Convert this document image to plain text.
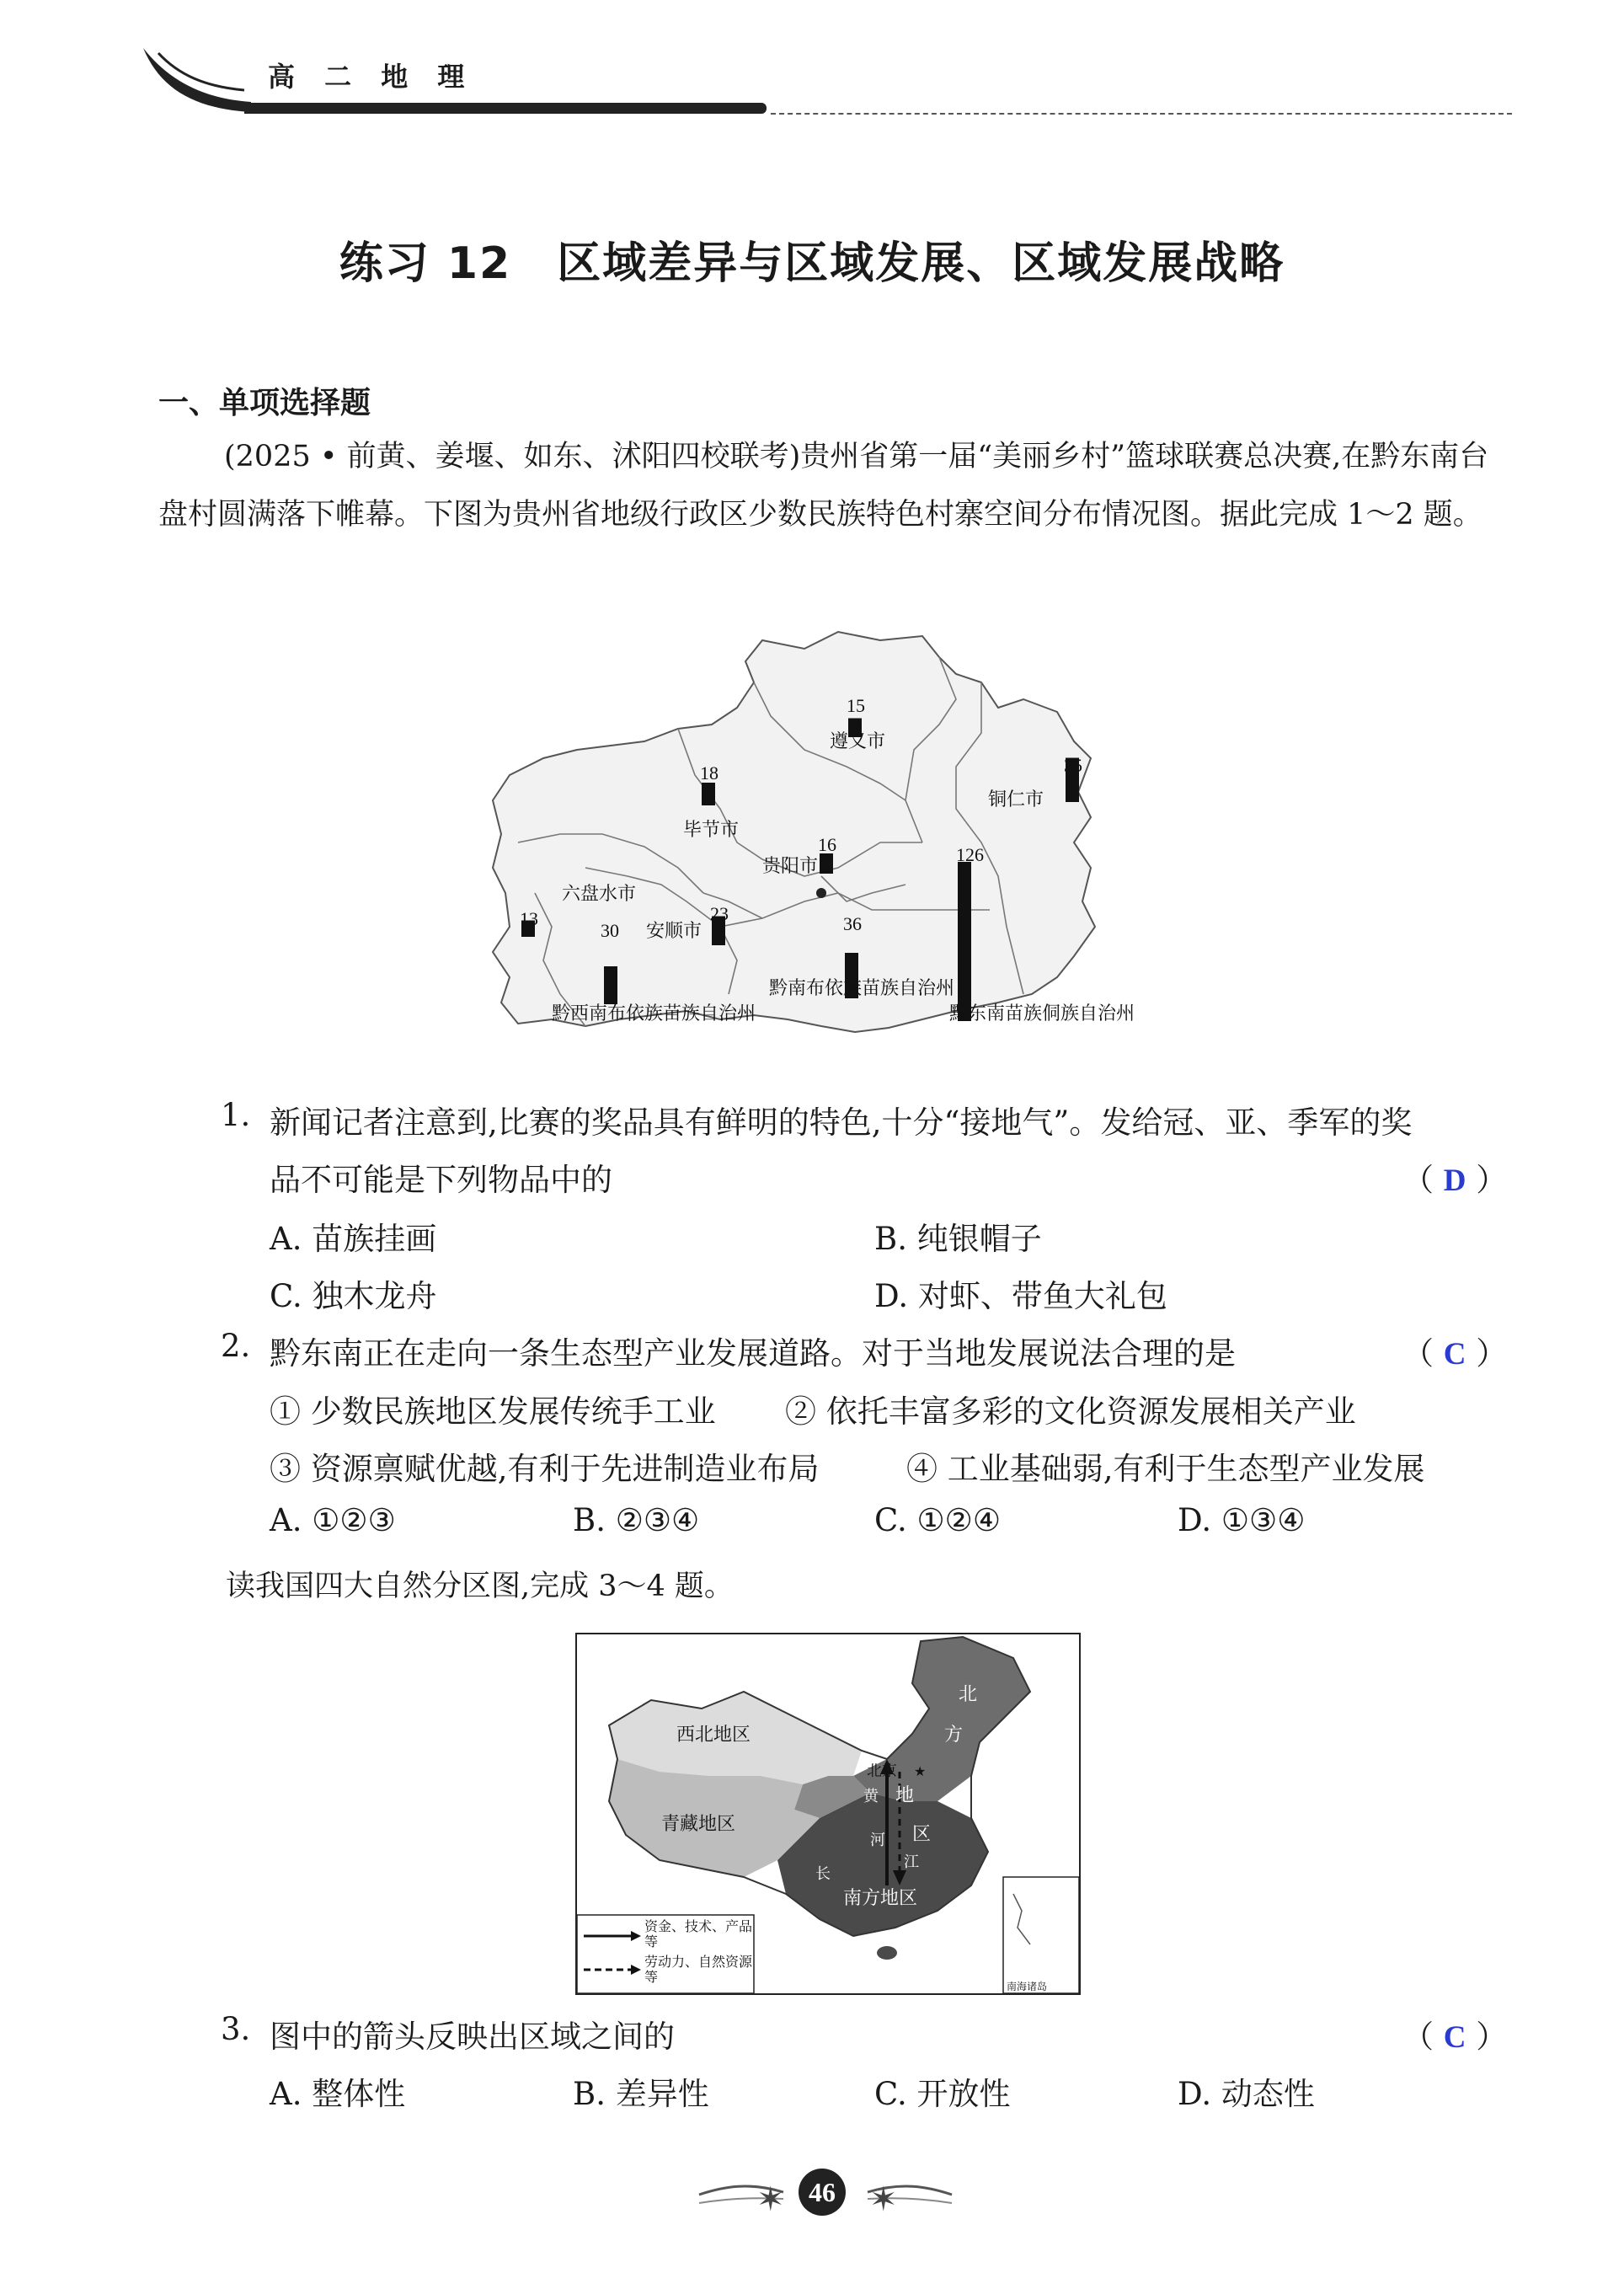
高 二 地 理
练习 12　区域差异与区域发展、区域发展战略
一、单项选择题
(2025 • 前黄、姜堰、如东、沭阳四校联考)贵州省第一届“美丽乡村”篮球联赛总决赛,在黔东南台盘村圆满落下帷幕。下图为贵州省地级行政区少数民族特色村寨空间分布情况图。据此完成 1～2 题。
15
遵义市
18
毕节市
35
铜仁市
16
贵阳市
六盘水市
13	23
安顺市
30
黔西南布依族苗族自治州
36
黔南布依族苗族自治州
126
黔东南苗族侗族自治州
1. 新闻记者注意到,比赛的奖品具有鲜明的特色,十分“接地气”。发给冠、亚、季军的奖
品不可能是下列物品中的	（ D ）
A. 苗族挂画	B. 纯银帽子
C. 独木龙舟	D. 对虾、带鱼大礼包
2. 黔东南正在走向一条生态型产业发展道路。对于当地发展说法合理的是	（ C ）
① 少数民族地区发展传统手工业 ② 依托丰富多彩的文化资源发展相关产业
③ 资源禀赋优越,有利于先进制造业布局	④ 工业基础弱,有利于生态型产业发展
A. ①②③	B. ②③④	C. ①②④	D. ①③④
读我国四大自然分区图,完成 3～4 题。
★
资金、技术、产品等
劳动力、自然资源等
南海诸岛
西北地区
青藏地区
北京
北
方
地
区
黄
河
长
江
南方地区
3. 图中的箭头反映出区域之间的	（ C ）
A. 整体性	B. 差异性	C. 开放性	D. 动态性
✶	✶
46
